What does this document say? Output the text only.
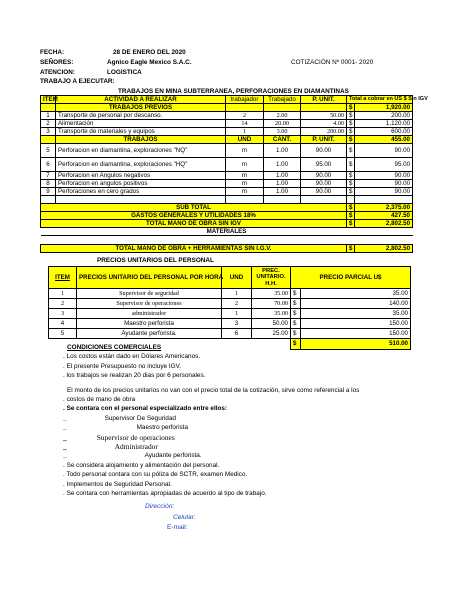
FECHA:	28 DE ENERO DEL 2020
SEÑORES:	Agnico Eagle Mexico S.A.C.	COTIZACIÓN Nº 0001- 2020
ATENCION:	LOGISTICA
TRABAJO A EJECUTAR:
TRABAJOS EN MINA SUBTERRANEA, PERFORACIONES EN DIAMANTINAS
ITEM	ACTIVIDAD A REALIZAR	trabajador	Trabajado	P. UNIT.	Total a cobrar en US $ Sin IGV	
	TRABAJOS PREVIOS				$	1,920.00
1	Transporte de personal por descanso.	2	2.00	50.00	$	200.00
2	Alimentación	14	20.00	4.00	$	1,120.00
3	Transporte de materiales y equipos	1	3.00	200.00	$	600.00
	TRABAJOS	UND	CANT.	P. UNIT.	$	455.00
5	Perforacion en diamantina, exploraciones "NQ"	m	1.00	90.00	$	90.00
6	Perforacion en diamantina, exploraciones "HQ"	m	1.00	95.00	$	95.00
7	Perforacion en Angulos negativos	m	1.00	90.00	$	90.00
8	Perforacion en angulos positivos	m	1.00	90.00	$	90.00
9	Perforaciones en cero grados	m	1.00	90.00	$	90.00

SUB TOTAL					$	2,375.00
GASTOS GENERALES Y UTILIDADES 18%					$	427.50
TOTAL MANO DE OBRA SIN IGV					$	2,802.50
MATERIALES						

TOTAL MANO DE OBRA + HERRAMIENTAS SIN I.G.V.					$	2,802.50
PRECIOS UNITARIOS DEL PERSONAL
ITEM	PRECIOS UNITARIO DEL PERSONAL POR HORA	UND	PREC. UNITARIO. H.H.	PRECIO PARCIAL U$	
1	Supervisor de seguridad	1	35.00	$	35.00
2	Supervisor de operaciones	2	70.00	$	140.00
3	administrador	1	35.00	$	35.00
4	Maestro perforista	3	50.00	$	150.00
5	Ayudante perforista.	6	25.00	$	150.00
				$	510.00
CONDICIONES COMERCIALES
. Los costos están dado en Dólares Americanos.
. El presente Presupuesto no incluye IGV.
. los trabajos se realizan 20 dias por 6 personales.
El monto de los precios unitarios no van con el precio total de la cotización, sirve como referencial a los
. costos de mano de obra
. Se contara con el personal especializado entre ellos:
_	Supervisor De Seguridad
_	Maestro perforista
_	Supervisor de operaciones
_	Administrador
_	Ayudante perforista.
. Se considera alojamiento y alimentación del personal.
. Todo personal contara con su póliza de SCTR, examen Medico.
. Implementos de Seguridad Personal.
. Se contara con herramientas apropiadas de acuerdo al tipo de trabajo.
Dirección:
Celular:
E-mail:
